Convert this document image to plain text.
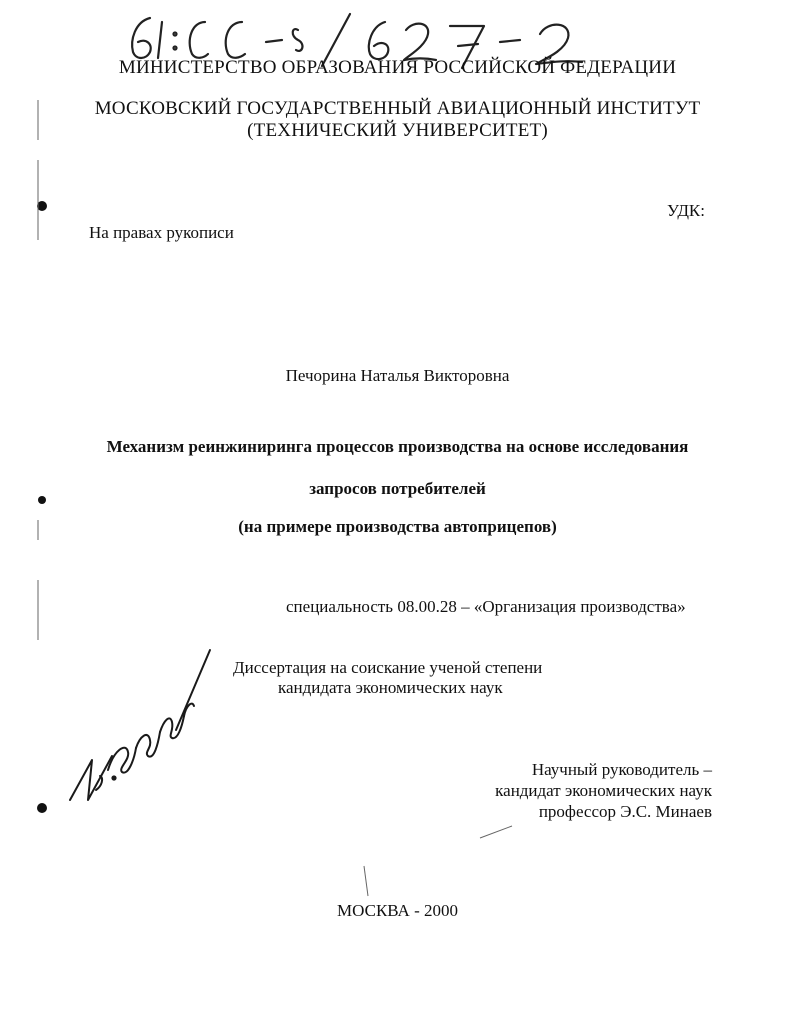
МИНИСТЕРСТВО ОБРАЗОВАНИЯ РОССИЙСКОЙ ФЕДЕРАЦИИ
МОСКОВСКИЙ ГОСУДАРСТВЕННЫЙ АВИАЦИОННЫЙ ИНСТИТУТ
(ТЕХНИЧЕСКИЙ УНИВЕРСИТЕТ)
УДК:
На правах рукописи
Печорина Наталья Викторовна
Механизм реинжиниринга процессов производства на основе исследования
запросов потребителей
(на примере производства автоприцепов)
специальность 08.00.28 – «Организация производства»
Диссертация на соискание ученой степени
кандидата экономических наук
Научный руководитель –
кандидат экономических наук
профессор Э.С. Минаев
МОСКВА - 2000
